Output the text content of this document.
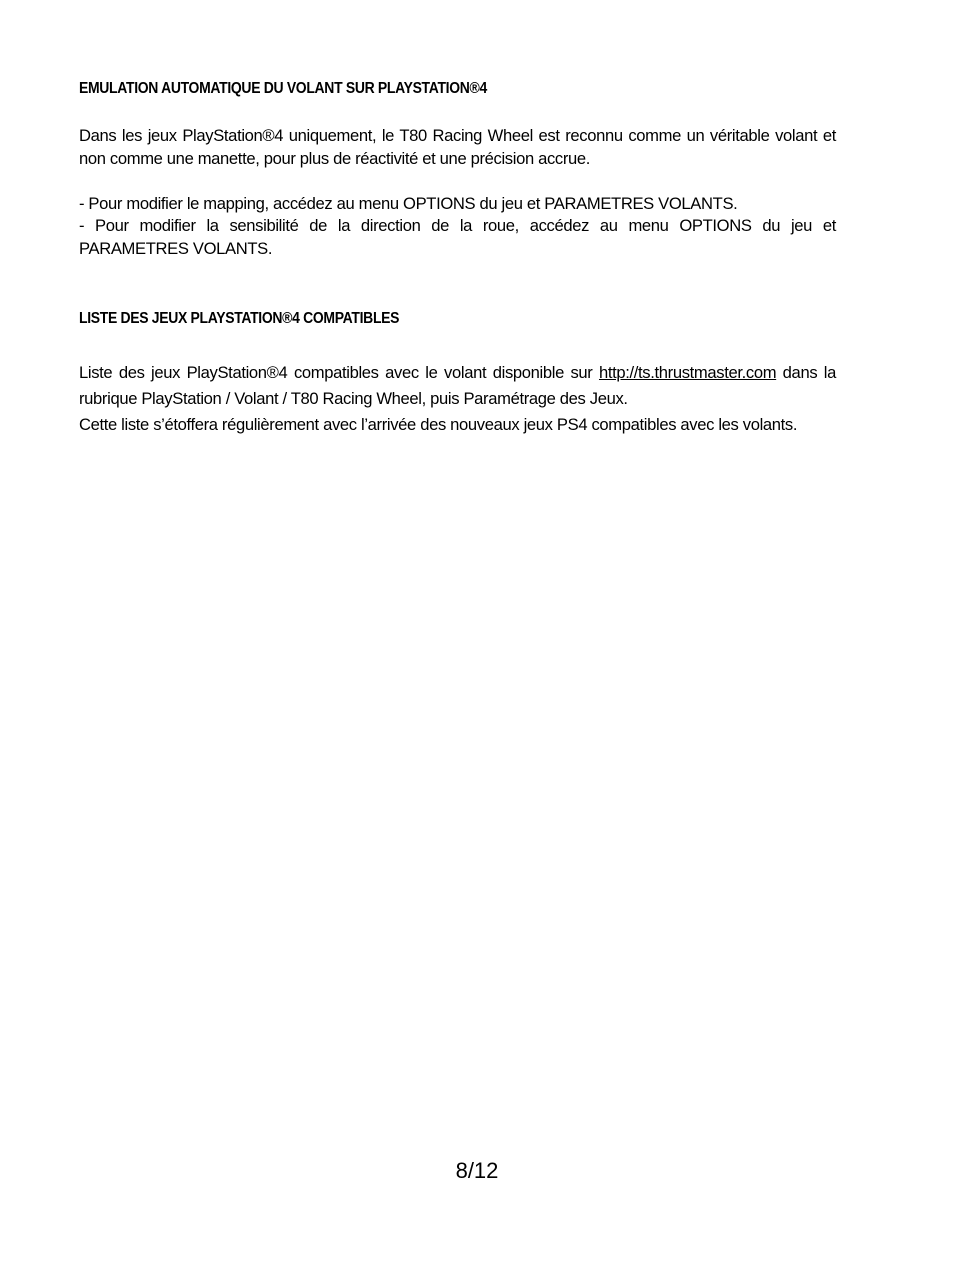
EMULATION AUTOMATIQUE DU VOLANT SUR PLAYSTATION®4
Dans les jeux PlayStation®4 uniquement, le T80 Racing Wheel est reconnu comme un véritable volant et
non comme une manette, pour plus de réactivité et une précision accrue.
- Pour modifier le mapping, accédez au menu OPTIONS du jeu et PARAMETRES VOLANTS.
- Pour modifier la sensibilité de la direction de la roue, accédez au menu OPTIONS du jeu et
PARAMETRES VOLANTS.
LISTE DES JEUX PLAYSTATION®4 COMPATIBLES
Liste des jeux PlayStation®4 compatibles avec le volant disponible sur http://ts.thrustmaster.com dans la
rubrique PlayStation / Volant / T80 Racing Wheel, puis Paramétrage des Jeux.
Cette liste s’étoffera régulièrement avec l’arrivée des nouveaux jeux PS4 compatibles avec les volants.
8/12
